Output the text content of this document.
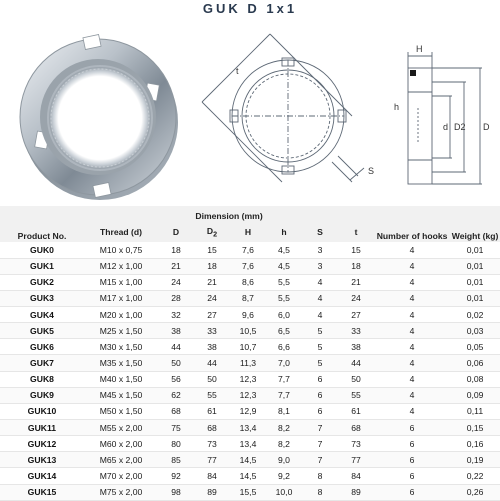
GUK D 1x1
t
S
H
h
d D2 D
Product No.	Dimension (mm)							Number of hooks	Weight (kg)
	Thread (d)	D	$D_2$	H	h	S	t		
GUK0	M10 x 0,75	18	15	7,6	4,5	3	15	4	0,01
GUK1	M12 x 1,00	21	18	7,6	4,5	3	18	4	0,01
GUK2	M15 x 1,00	24	21	8,6	5,5	4	21	4	0,01
GUK3	M17 x 1,00	28	24	8,7	5,5	4	24	4	0,01
GUK4	M20 x 1,00	32	27	9,6	6,0	4	27	4	0,02
GUK5	M25 x 1,50	38	33	10,5	6,5	5	33	4	0,03
GUK6	M30 x 1,50	44	38	10,7	6,6	5	38	4	0,05
GUK7	M35 x 1,50	50	44	11,3	7,0	5	44	4	0,06
GUK8	M40 x 1,50	56	50	12,3	7,7	6	50	4	0,08
GUK9	M45 x 1,50	62	55	12,3	7,7	6	55	4	0,09
GUK10	M50 x 1,50	68	61	12,9	8,1	6	61	4	0,11
GUK11	M55 x 2,00	75	68	13,4	8,2	7	68	6	0,15
GUK12	M60 x 2,00	80	73	13,4	8,2	7	73	6	0,16
GUK13	M65 x 2,00	85	77	14,5	9,0	7	77	6	0,19
GUK14	M70 x 2,00	92	84	14,5	9,2	8	84	6	0,22
GUK15	M75 x 2,00	98	89	15,5	10,0	8	89	6	0,26
